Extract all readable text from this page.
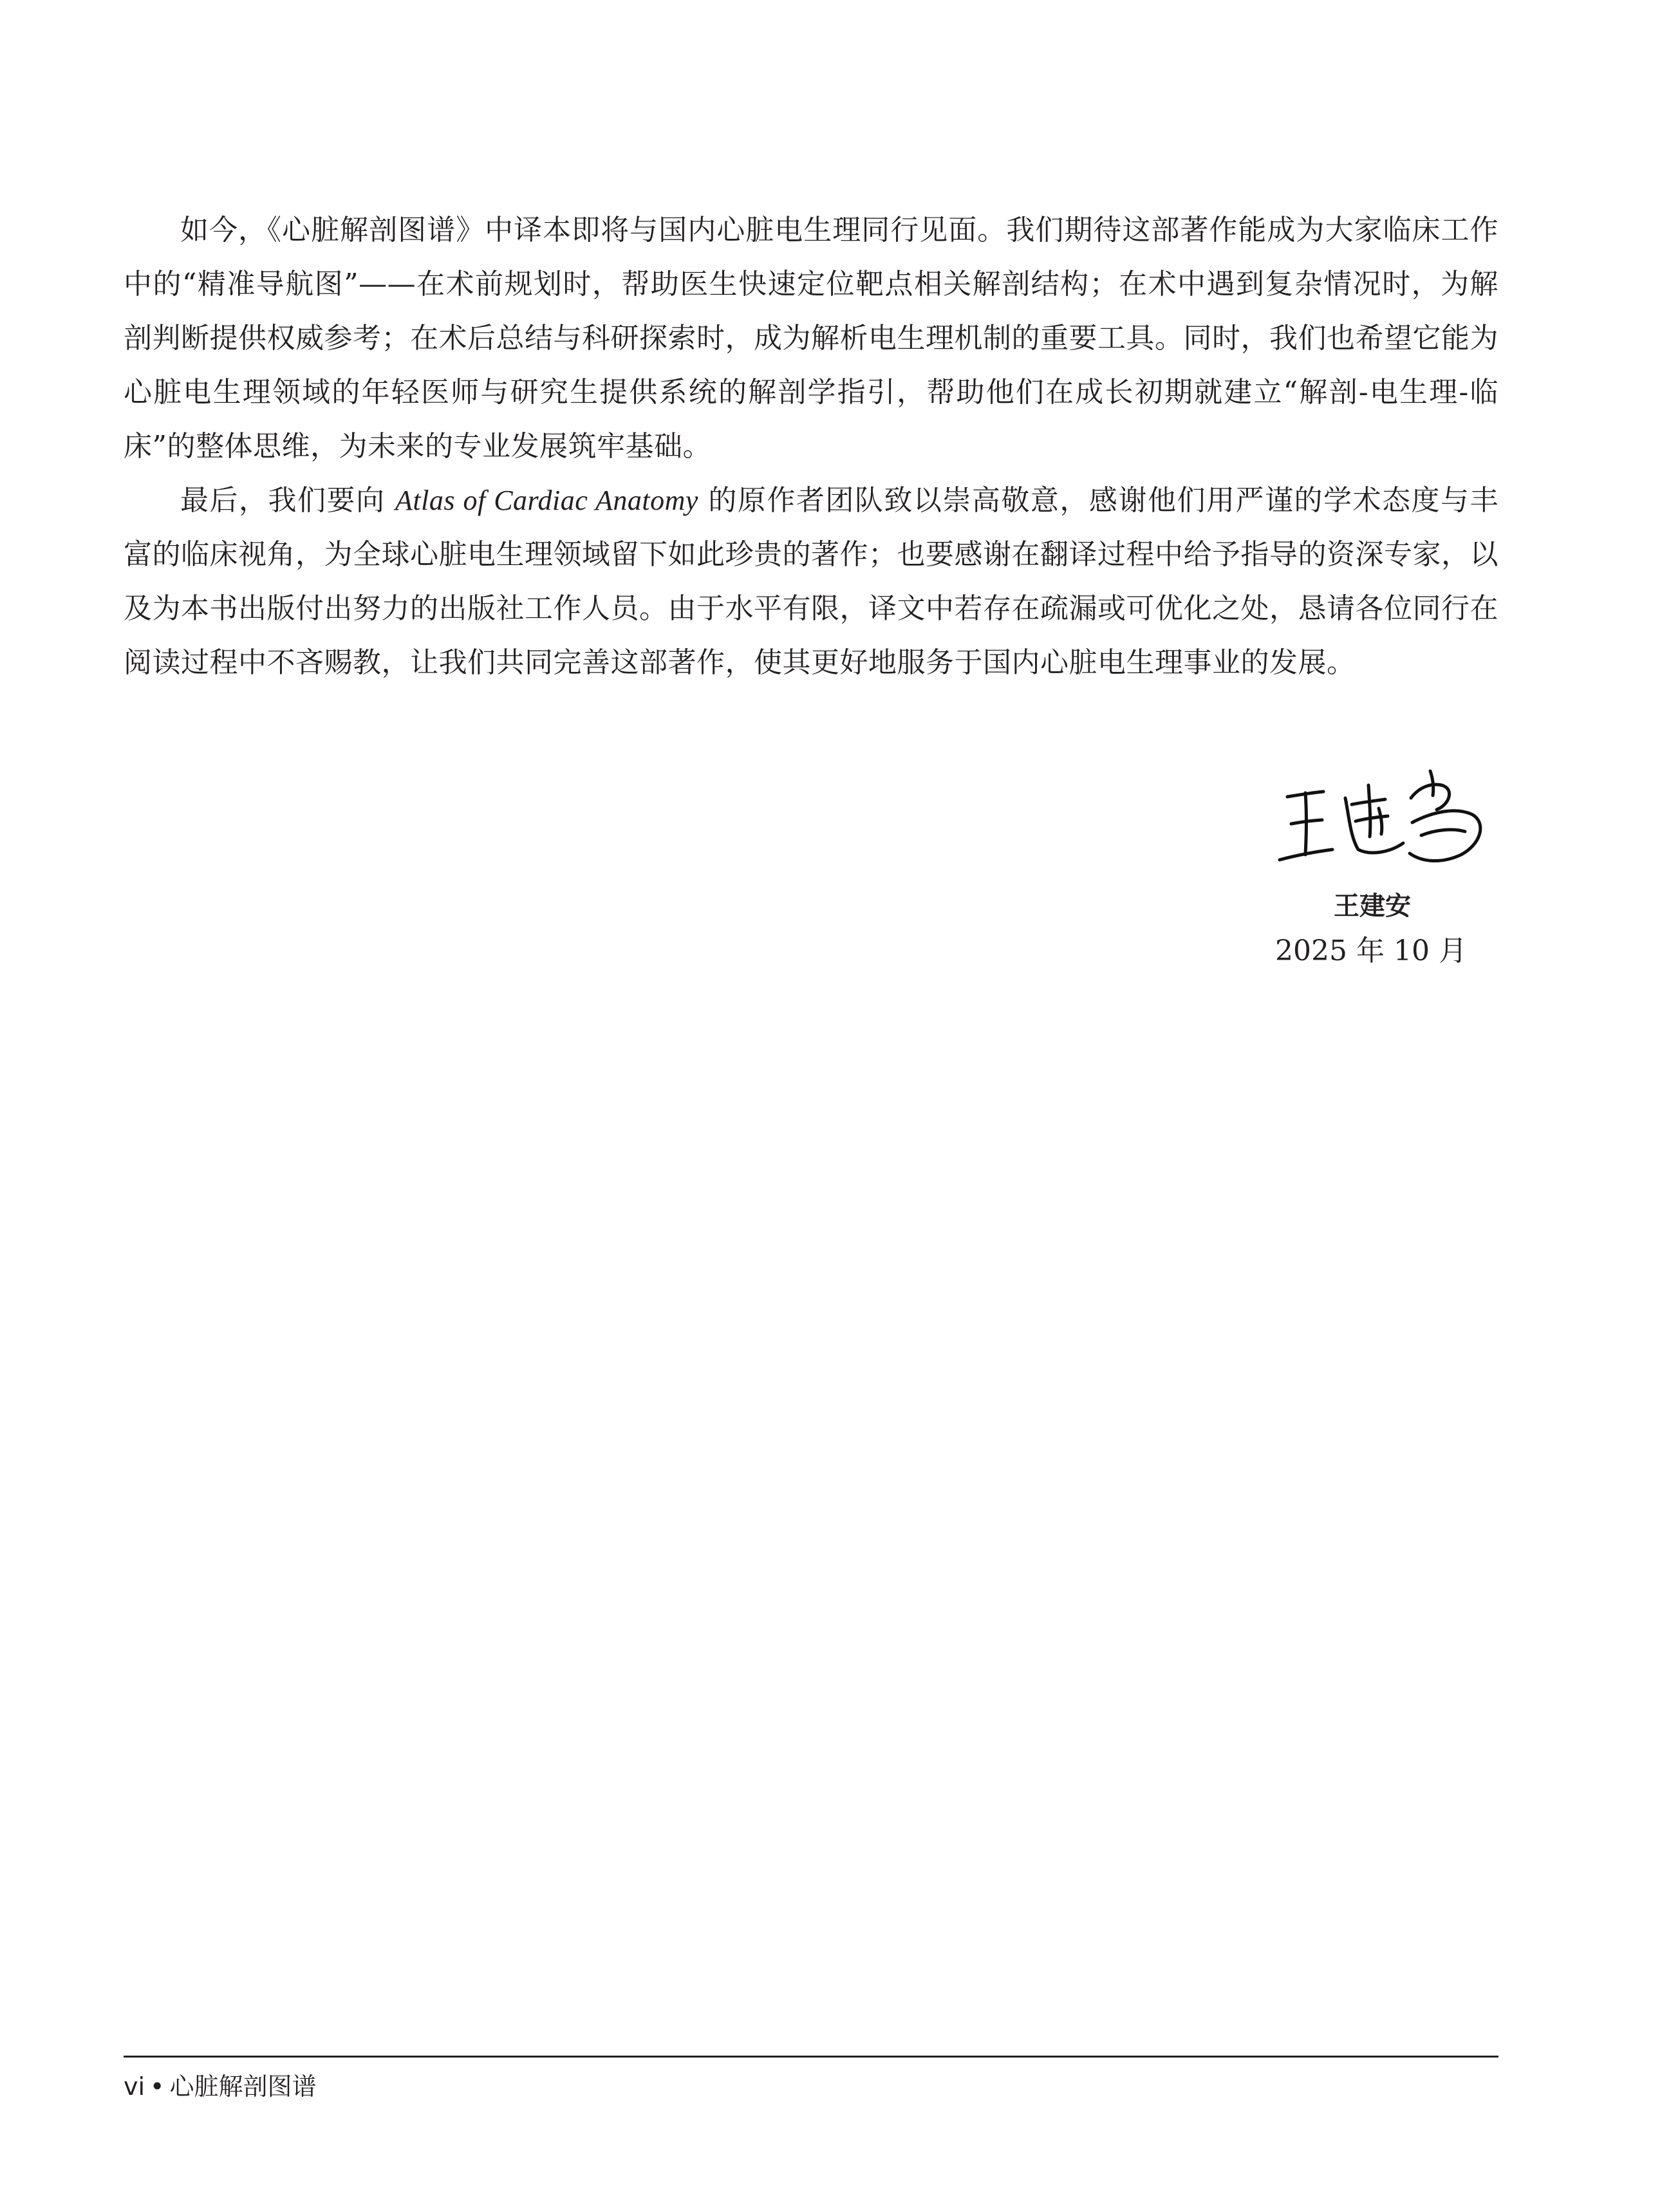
如今，《心脏解剖图谱》中译本即将与国内心脏电生理同行见面。我们期待这部著作能成为大家临床工作中的“精准导航图”——在术前规划时，帮助医生快速定位靶点相关解剖结构；在术中遇到复杂情况时，为解剖判断提供权威参考；在术后总结与科研探索时，成为解析电生理机制的重要工具。同时，我们也希望它能为心脏电生理领域的年轻医师与研究生提供系统的解剖学指引，帮助他们在成长初期就建立“解剖-电生理-临床”的整体思维，为未来的专业发展筑牢基础。

最后，我们要向 Atlas of Cardiac Anatomy 的原作者团队致以崇高敬意，感谢他们用严谨的学术态度与丰富的临床视角，为全球心脏电生理领域留下如此珍贵的著作；也要感谢在翻译过程中给予指导的资深专家，以及为本书出版付出努力的出版社工作人员。由于水平有限，译文中若存在疏漏或可优化之处，恳请各位同行在阅读过程中不吝赐教，让我们共同完善这部著作，使其更好地服务于国内心脏电生理事业的发展。

王建安
2025 年 10 月
vi • 心脏解剖图谱
